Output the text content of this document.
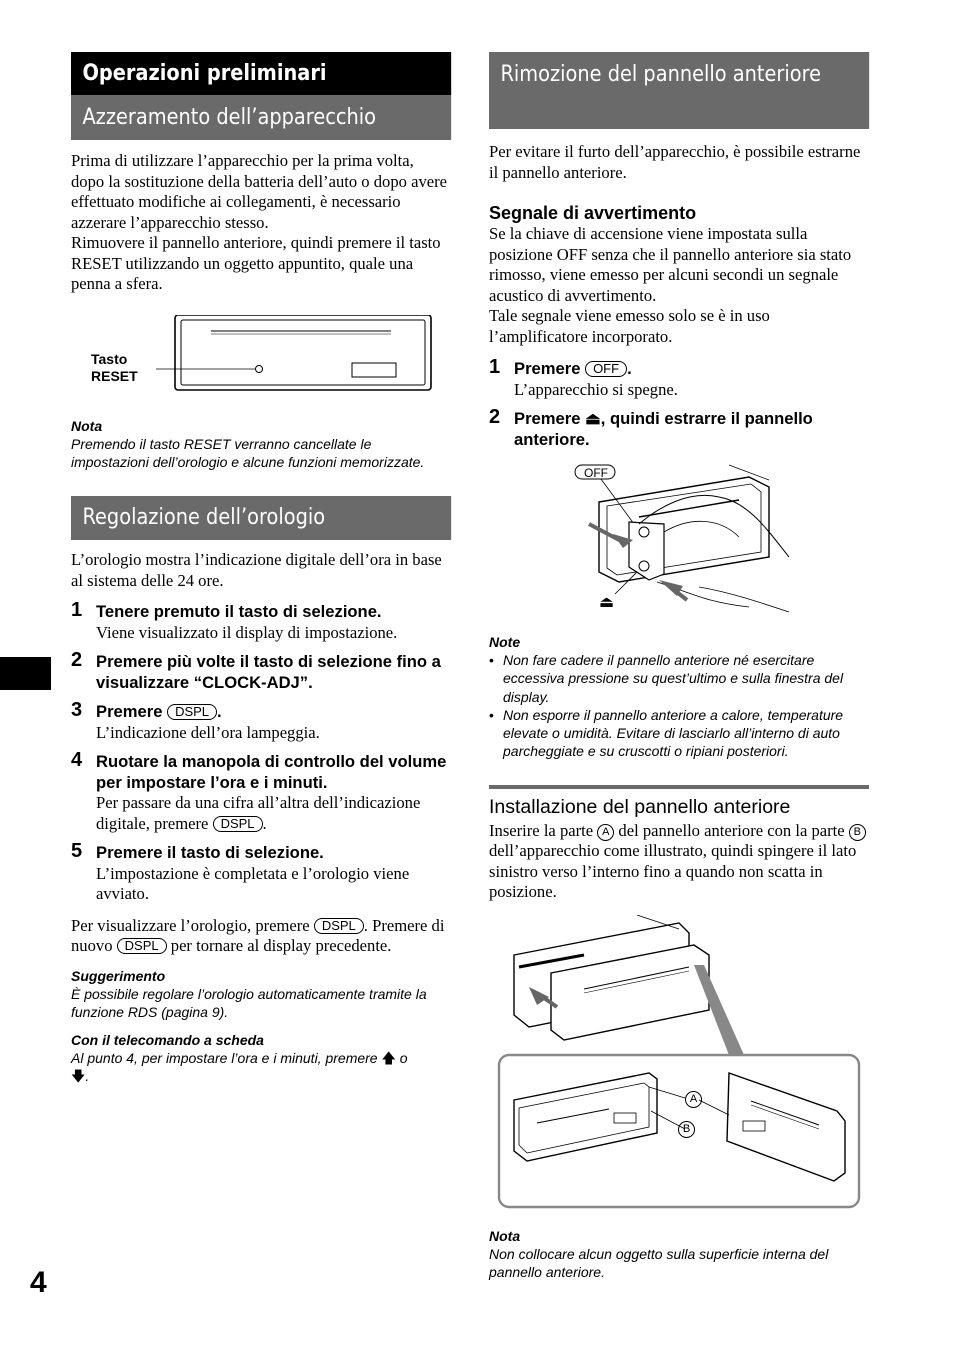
4
Operazioni preliminari
Azzeramento dell’apparecchio

Prima di utilizzare l’apparecchio per la prima volta, dopo la sostituzione della batteria dell’auto o dopo avere effettuato modifiche ai collegamenti, è necessario azzerare l’apparecchio stesso.

Rimuovere il pannello anteriore, quindi premere il tasto RESET utilizzando un oggetto appuntito, quale una penna a sfera.

Tasto
RESET

Nota

Premendo il tasto RESET verranno cancellate le impostazioni dell’orologio e alcune funzioni memorizzate.

Regolazione dell’orologio

L’orologio mostra l’indicazione digitale dell’ora in base al sistema delle 24 ore.

1 Tenere premuto il tasto di selezione.

Viene visualizzato il display di impostazione.

2 Premere più volte il tasto di selezione fino a visualizzare “CLOCK-ADJ”.

3 Premere DSPL .

L’indicazione dell’ora lampeggia.

4 Ruotare la manopola di controllo del volume per impostare l’ora e i minuti.

Per passare da una cifra all’altra dell’indicazione digitale, premere DSPL .

5 Premere il tasto di selezione.

L’impostazione è completata e l’orologio viene avviato.

Per visualizzare l’orologio, premere DSPL . Premere di nuovo DSPL per tornare al display precedente.

Suggerimento

È possibile regolare l’orologio automaticamente tramite la funzione RDS (pagina 9).

Con il telecomando a scheda

Al punto 4, per impostare l’ora e i minuti, premere 🡅 o
🡇.

Rimozione del pannello anteriore

Per evitare il furto dell’apparecchio, è possibile estrarne il pannello anteriore.

Segnale di avvertimento

Se la chiave di accensione viene impostata sulla posizione OFF senza che il pannello anteriore sia stato rimosso, viene emesso per alcuni secondi un segnale acustico di avvertimento.

Tale segnale viene emesso solo se è in uso l’amplificatore incorporato.

1 Premere OFF .

L’apparecchio si spegne.

2 Premere ⏏, quindi estrarre il pannello anteriore.

OFF
⏏

Note

• Non fare cadere il pannello anteriore né esercitare eccessiva pressione su quest’ultimo e sulla finestra del display.

• Non esporre il pannello anteriore a calore, temperature elevate o umidità. Evitare di lasciarlo all’interno di auto parcheggiate e su cruscotti o ripiani posteriori.

Installazione del pannello anteriore

Inserire la parte A del pannello anteriore con la parte B dell’apparecchio come illustrato, quindi spingere il lato sinistro verso l’interno fino a quando non scatta in posizione.

A
B

Nota

Non collocare alcun oggetto sulla superficie interna del pannello anteriore.
